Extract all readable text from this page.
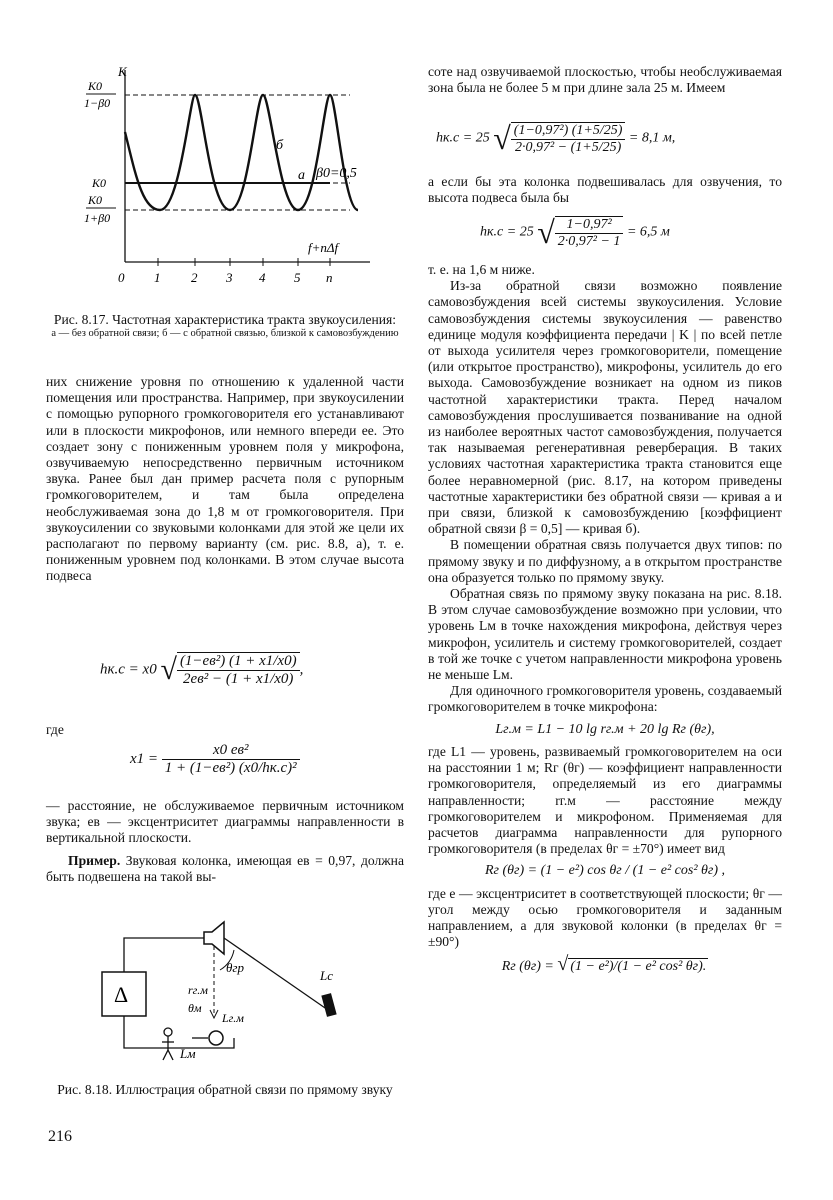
K
K0
1−β0
K0
K0
1+β0
a
б
β0=0,5
f+nΔf
0 1 2 3 4 5 n
Рис. 8.17. Частотная характеристика тракта звукоусиления:
а — без обратной связи; б — с обратной связью, близкой к самовозбуждению

них снижение уровня по отношению к удаленной части помещения или пространства. Например, при звукоусилении с помощью рупорного громкоговорителя его устанавливают или в плоскости микрофонов, или немного впереди ее. Это создает зону с пониженным уровнем поля у микрофона, озвучиваемую непосредственно первичным источником звука. Ранее был дан пример расчета поля с рупорным громкоговорителем, и там была определена необслуживаемая зона до 1,8 м от громкоговорителя. При звукоусилении со звуковыми колонками для этой же цели их располагают по первому варианту (см. рис. 8.8, а), т. е. пониженным уровнем под колонками. В этом случае высота подвеса

hк.с = x0 √ $\frac{\text{(1−eв²) (1 + x1/x0)}}{\text{2eв² − (1 + x1/x0)}}$ ,

где

$x1 = \frac{\text{x0 eв²}}{\text{1 + (1−eв²) (x0/hк.с)²}}$

— расстояние, не обслуживаемое первичным источником звука; eв — эксцентриситет диаграммы направленности в вертикальной плоскости.

Пример. Звуковая колонка, имеющая eв = 0,97, должна быть подвешена на такой вы-

Δ
θгр
rг.м
θм
Lг.м
Lм
Lс
Рис. 8.18. Иллюстрация обратной связи по прямому звуку
216

соте над озвучиваемой плоскостью, чтобы необслуживаемая зона была не более 5 м при длине зала 25 м. Имеем

hк.с = 25 √ $\frac{\text{(1−0,97²) (1+5/25)}}{\text{2·0,97² − (1+5/25)}} = 8,1$ м,

а если бы эта колонка подвешивалась для озвучения, то высота подвеса была бы

hк.с = 25 √ $\frac{\text{1−0,97²}}{\text{2·0,97² − 1}} = 6,5$ м

т. е. на 1,6 м ниже.

Из-за обратной связи возможно появление самовозбуждения всей системы звукоусиления. Условие самовозбуждения системы звукоусиления — равенство единице модуля коэффициента передачи | K | по всей петле от выхода усилителя через громкоговорители, помещение (или открытое пространство), микрофоны, усилитель до его выхода. Самовозбуждение возникает на одном из пиков частотной характеристики тракта. Перед началом самовозбуждения прослушивается позванивание на одной из наиболее вероятных частот самовозбуждения, получается так называемая регенеративная реверберация. В таких условиях частотная характеристика тракта становится еще более неравномерной (рис. 8.17, на котором приведены частотные характеристики без обратной связи — кривая а и при связи, близкой к самовозбуждению [коэффициент обратной связи β = 0,5] — кривая б).

В помещении обратная связь получается двух типов: по прямому звуку и по диффузному, а в открытом пространстве она образуется только по прямому звуку.

Обратная связь по прямому звуку показана на рис. 8.18. В этом случае самовозбуждение возможно при условии, что уровень Lм в точке нахождения микрофона, действуя через микрофон, усилитель и систему громкоговорителей, создает в той же точке с учетом направленности микрофона уровень не меньше Lм.

Для одиночного громкоговорителя уровень, создаваемый громкоговорителем в точке микрофона:

Lг.м = L1 − 10 lg rг.м + 20 lg Rг (θг),

где L1 — уровень, развиваемый громкоговорителем на оси на расстоянии 1 м; Rг (θг) — коэффициент направленности громкоговорителя, определяемый из его диаграммы направленности; rг.м — расстояние между громкоговорителем и микрофоном. Применяемая для расчетов диаграмма направленности для рупорного громкоговорителя (в пределах θг = ±70°) имеет вид

Rг (θг) = (1 − e²) cos θг / (1 − e² cos² θг) ,

где e — эксцентриситет в соответствующей плоскости; θг — угол между осью громкоговорителя и заданным направлением, а для звуковой колонки (в пределах θг = ±90°)

Rг (θг) = √ (1 − e²)/(1 − e² cos² θг).
